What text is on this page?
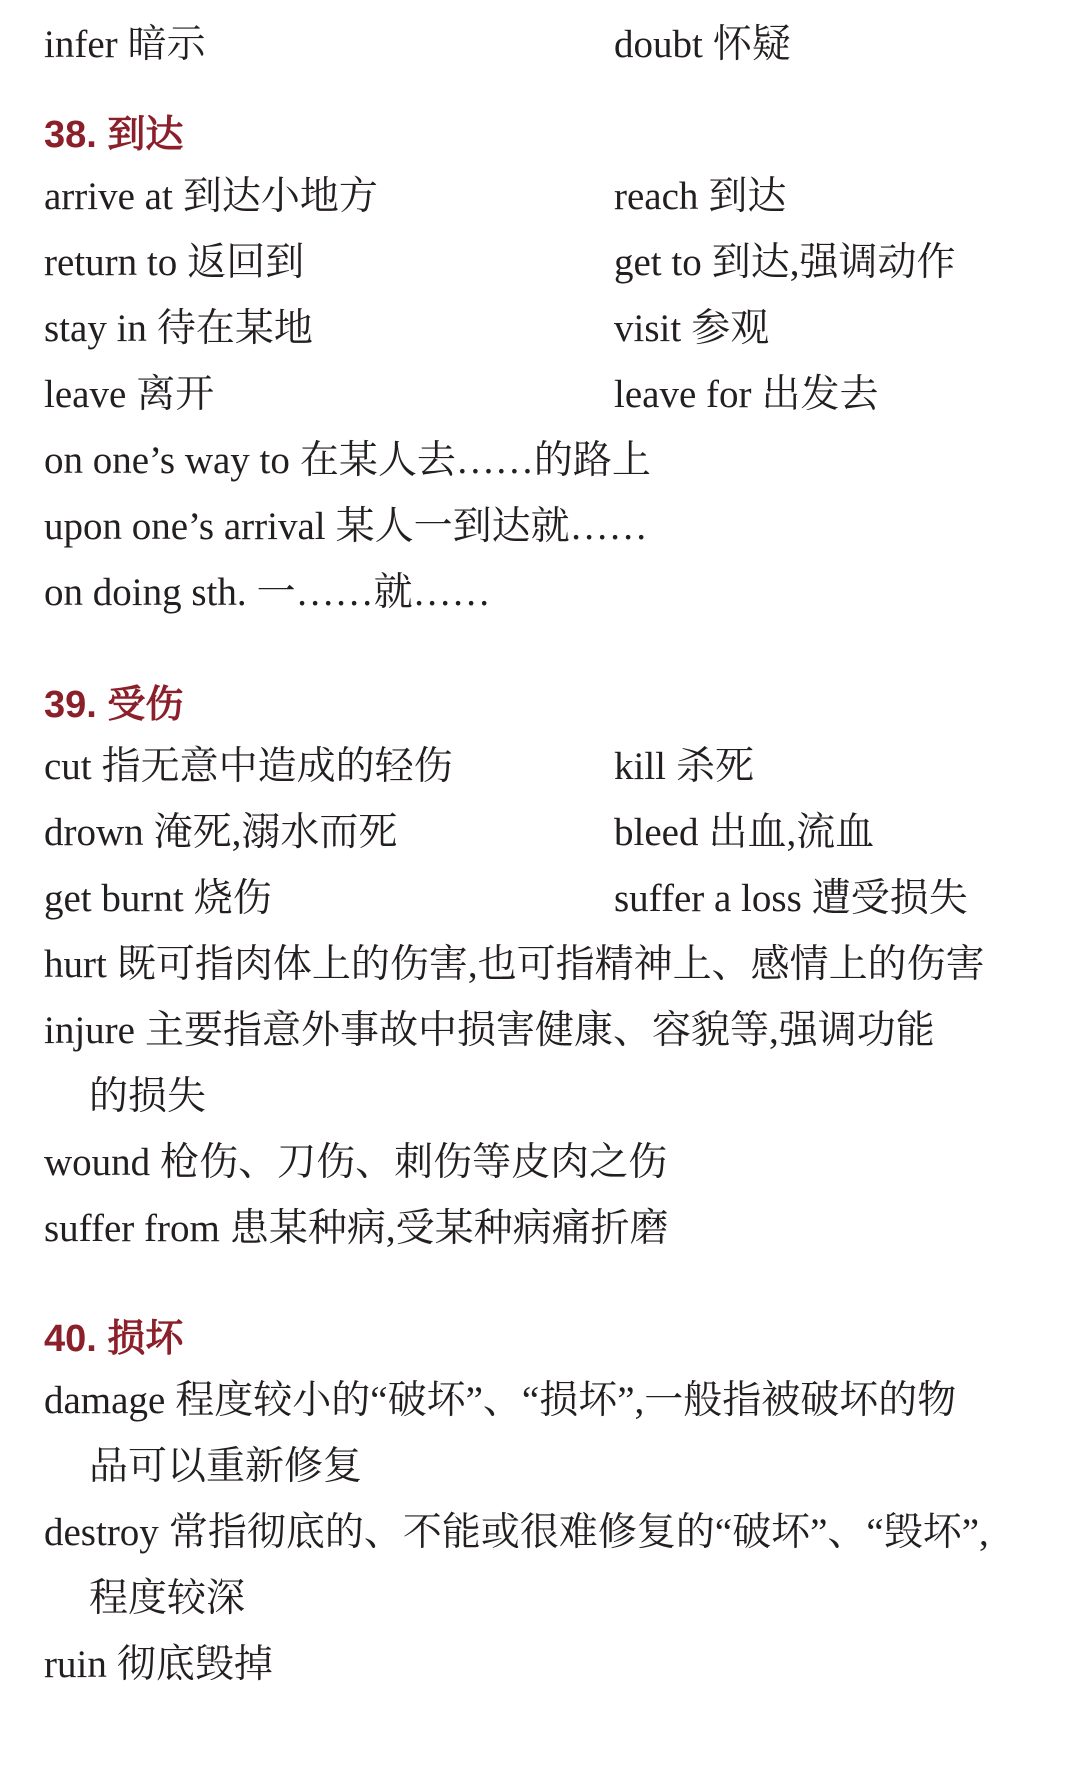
infer 暗示	doubt 怀疑
38. 到达
arrive at 到达小地方	reach 到达
return to 返回到	get to 到达,强调动作
stay in 待在某地	visit 参观
leave 离开	leave for 出发去
on one’s way to 在某人去……的路上
upon one’s arrival 某人一到达就……
on doing sth. 一……就……
39. 受伤
cut 指无意中造成的轻伤	kill 杀死
drown 淹死,溺水而死	bleed 出血,流血
get burnt 烧伤	suffer a loss 遭受损失
hurt 既可指肉体上的伤害,也可指精神上、感情上的伤害
injure 主要指意外事故中损害健康、容貌等,强调功能
的损失
wound 枪伤、刀伤、刺伤等皮肉之伤
suffer from 患某种病,受某种病痛折磨
40. 损坏
damage 程度较小的“破坏”、“损坏”,一般指被破坏的物
品可以重新修复
destroy 常指彻底的、不能或很难修复的“破坏”、“毁坏”,
程度较深
ruin 彻底毁掉
